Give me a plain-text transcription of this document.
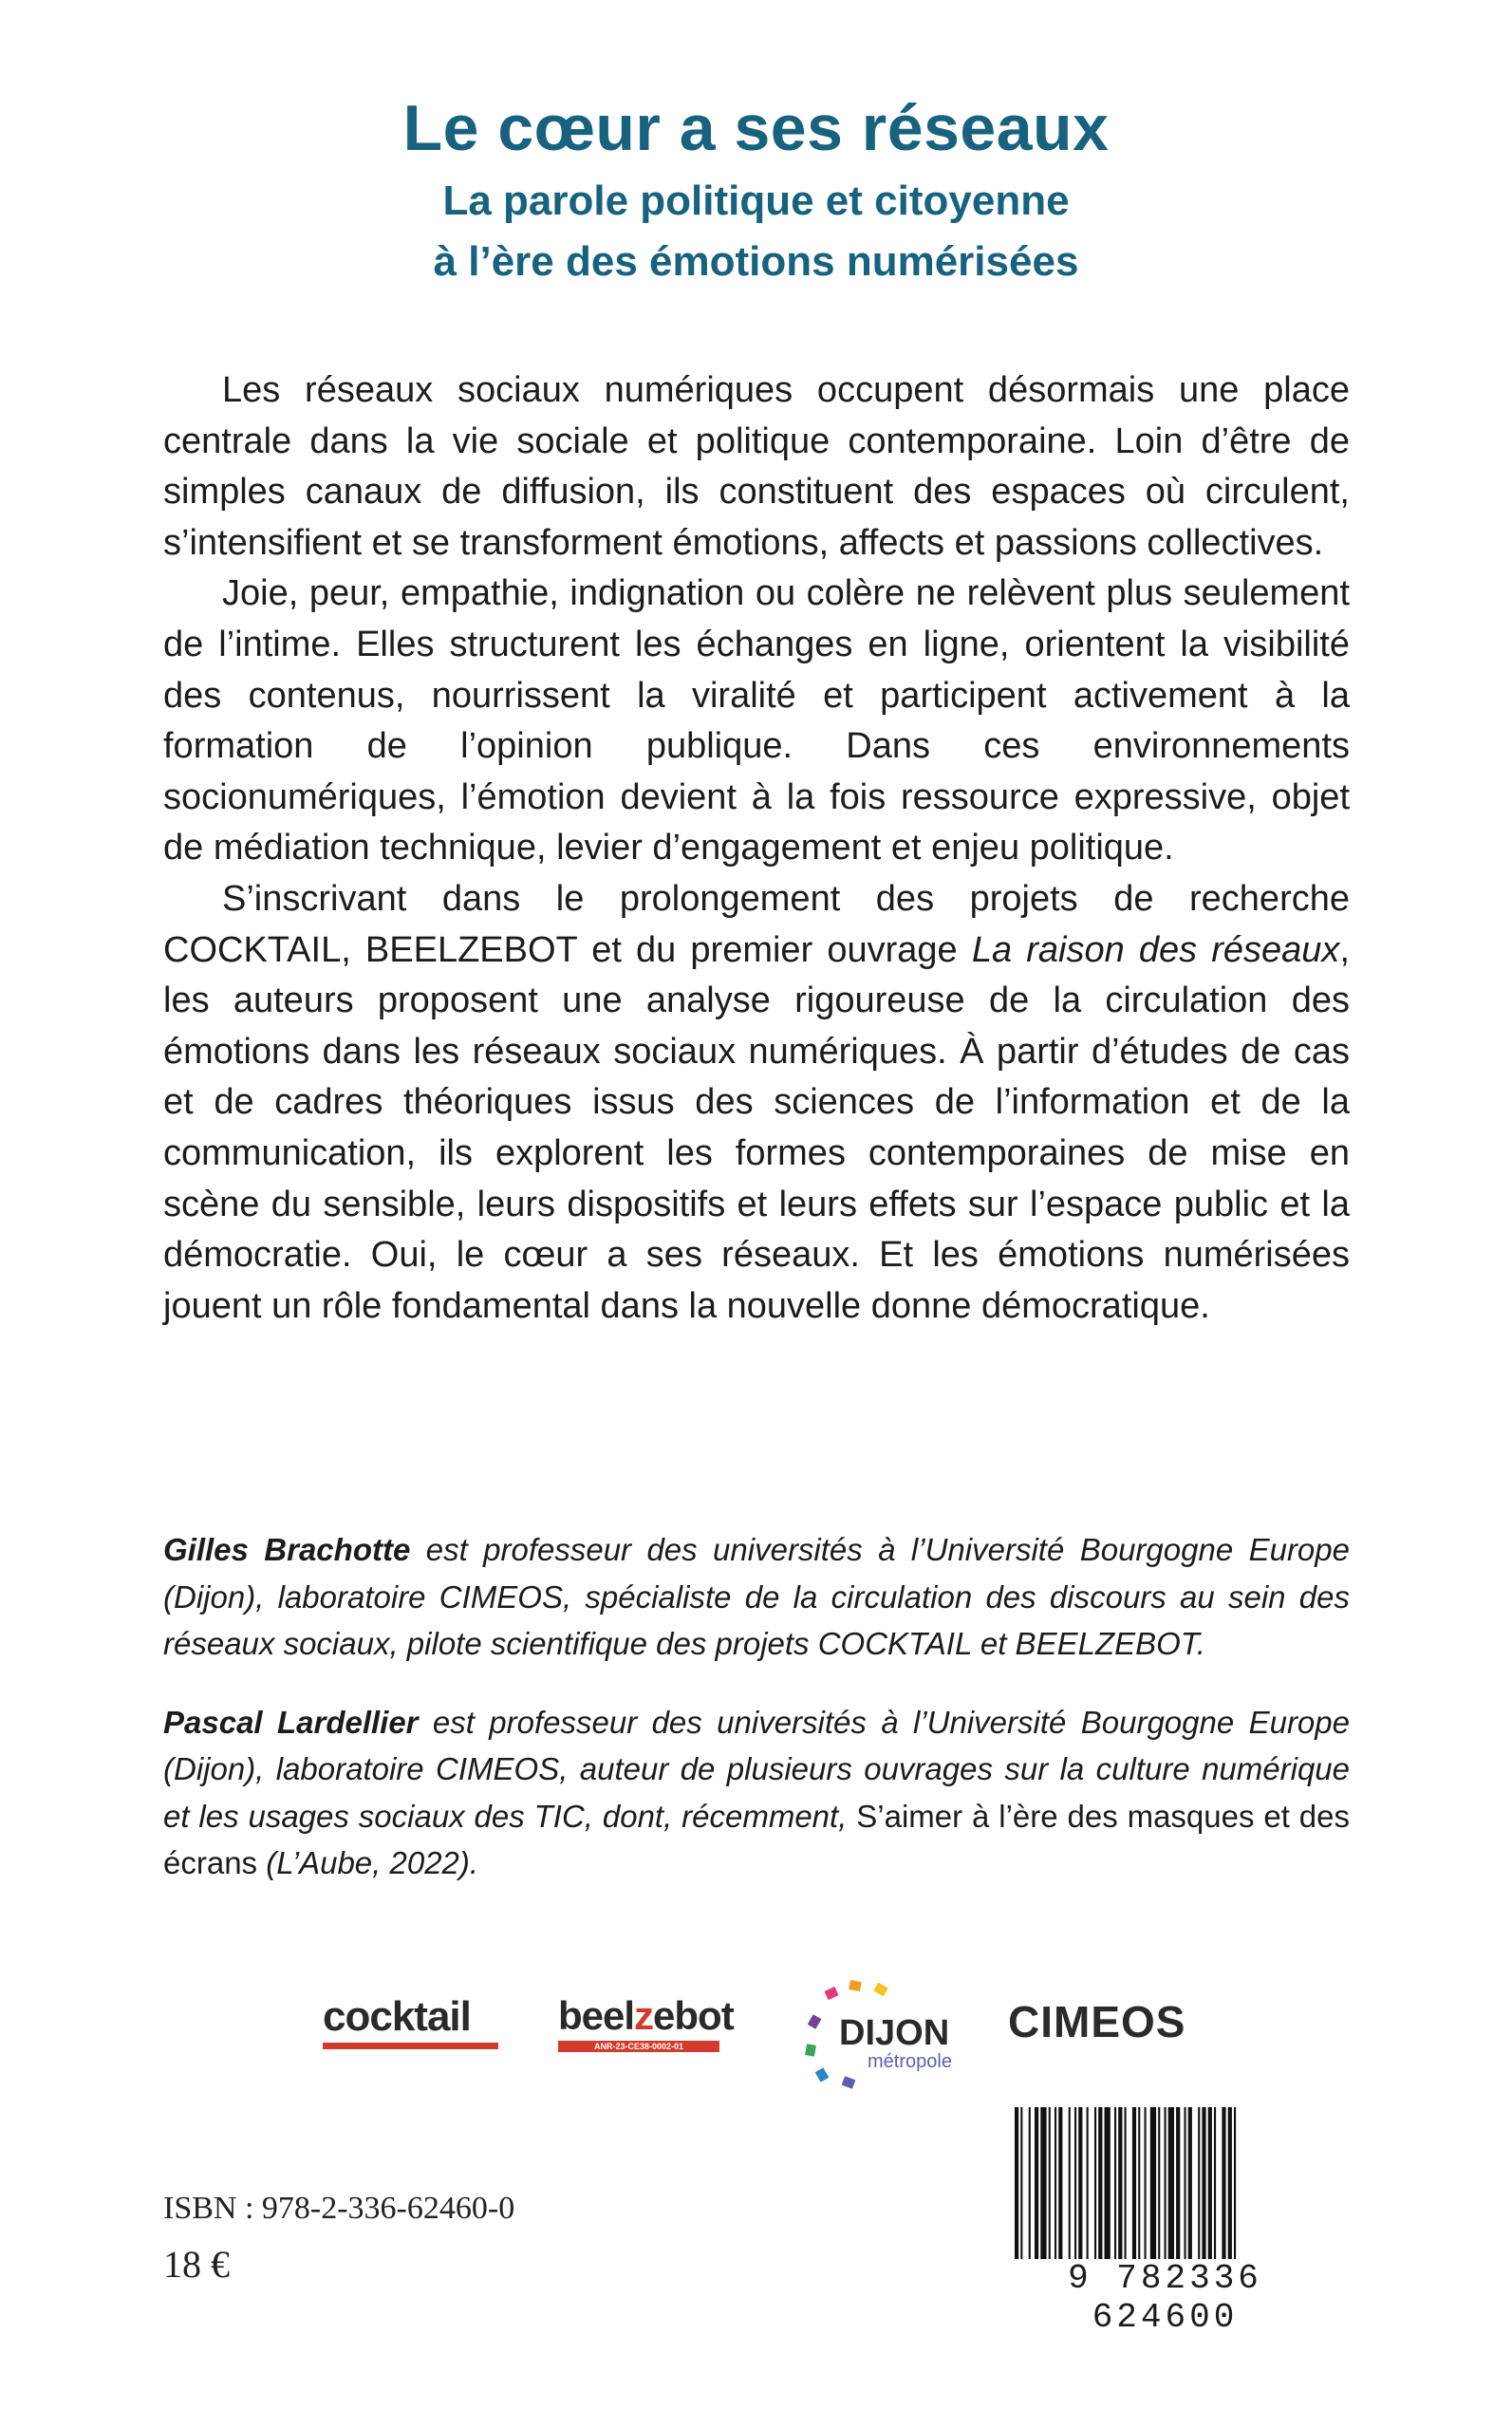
Le cœur a ses réseaux
La parole politique et citoyenne
à l’ère des émotions numérisées

Les réseaux sociaux numériques occupent désormais une place centrale dans la vie sociale et politique contemporaine. Loin d’être de simples canaux de diffusion, ils constituent des espaces où circulent, s’intensifient et se transforment émotions, affects et passions collectives.

Joie, peur, empathie, indignation ou colère ne relèvent plus seulement de l’intime. Elles structurent les échanges en ligne, orientent la visibilité des contenus, nourrissent la viralité et participent activement à la formation de l’opinion publique. Dans ces environnements socionumériques, l’émotion devient à la fois ressource expressive, objet de médiation technique, levier d’engagement et enjeu politique.

S’inscrivant dans le prolongement des projets de recherche COCKTAIL, BEELZEBOT et du premier ouvrage La raison des réseaux, les auteurs proposent une analyse rigoureuse de la circulation des émotions dans les réseaux sociaux numériques. À partir d’études de cas et de cadres théoriques issus des sciences de l’information et de la communication, ils explorent les formes contemporaines de mise en scène du sensible, leurs dispositifs et leurs effets sur l’espace public et la démocratie. Oui, le cœur a ses réseaux. Et les émotions numérisées jouent un rôle fondamental dans la nouvelle donne démocratique.

Gilles Brachotte est professeur des universités à l’Université Bourgogne Europe (Dijon), laboratoire CIMEOS, spécialiste de la circulation des discours au sein des réseaux sociaux, pilote scientifique des projets COCKTAIL et BEELZEBOT.

Pascal Lardellier est professeur des universités à l’Université Bourgogne Europe (Dijon), laboratoire CIMEOS, auteur de plusieurs ouvrages sur la culture numérique et les usages sociaux des TIC, dont, récemment, S’aimer à l’ère des masques et des écrans (L’Aube, 2022).

cocktail	beelzebot
ANR-23-CE38-0002-01	DIJON
métropole
CIMEOS
9 782336 624600
ISBN : 978-2-336-62460-0
18 €
